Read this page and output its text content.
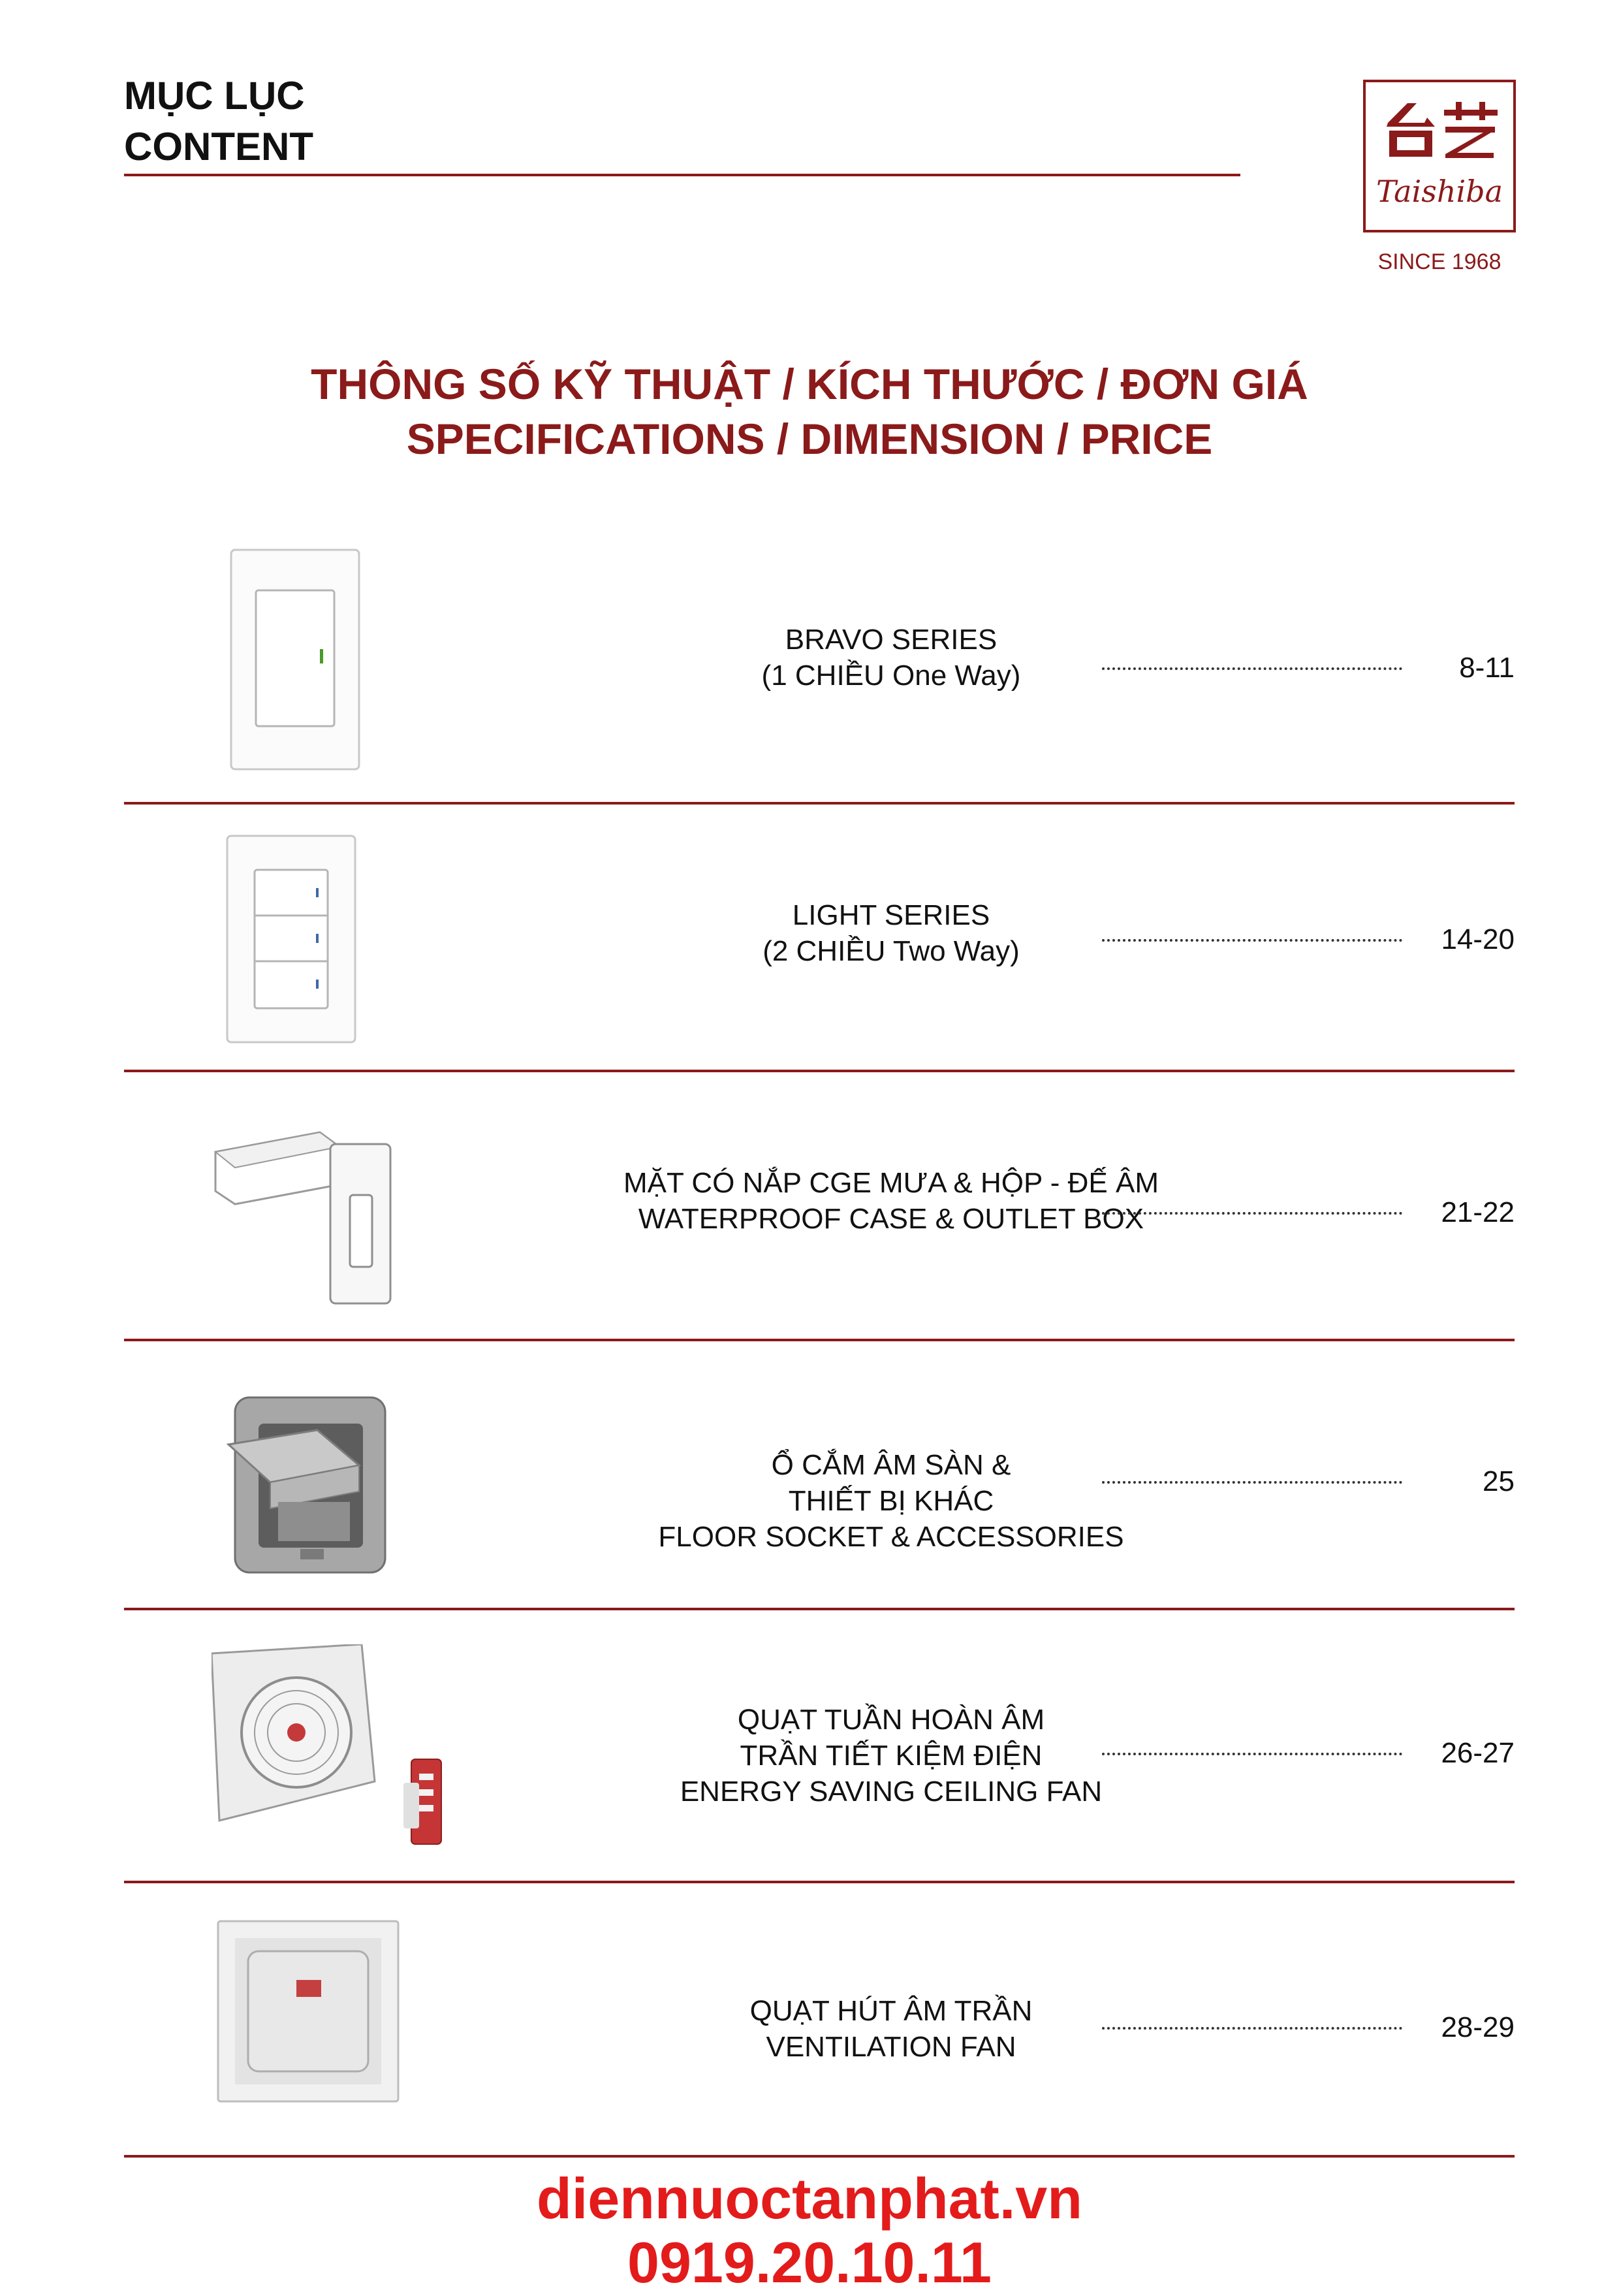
MỤC LỤC
CONTENT
Taishiba
SINCE 1968
THÔNG SỐ KỸ THUẬT / KÍCH THƯỚC / ĐƠN GIÁ
SPECIFICATIONS / DIMENSION / PRICE
BRAVO SERIES
(1 CHIỀU One Way)	8-11
LIGHT SERIES
(2 CHIỀU Two Way)	14-20
MẶT CÓ NẮP CGE MƯA & HỘP - ĐẾ ÂM
WATERPROOF CASE & OUTLET BOX	21-22
Ổ CẮM ÂM SÀN &
THIẾT BỊ KHÁC
FLOOR SOCKET & ACCESSORIES
25
QUẠT TUẦN HOÀN ÂM
TRẦN TIẾT KIỆM ĐIỆN
ENERGY SAVING CEILING FAN
26-27
QUẠT HÚT ÂM TRẦN
VENTILATION FAN
28-29
diennuoctanphat.vn
0919.20.10.11
